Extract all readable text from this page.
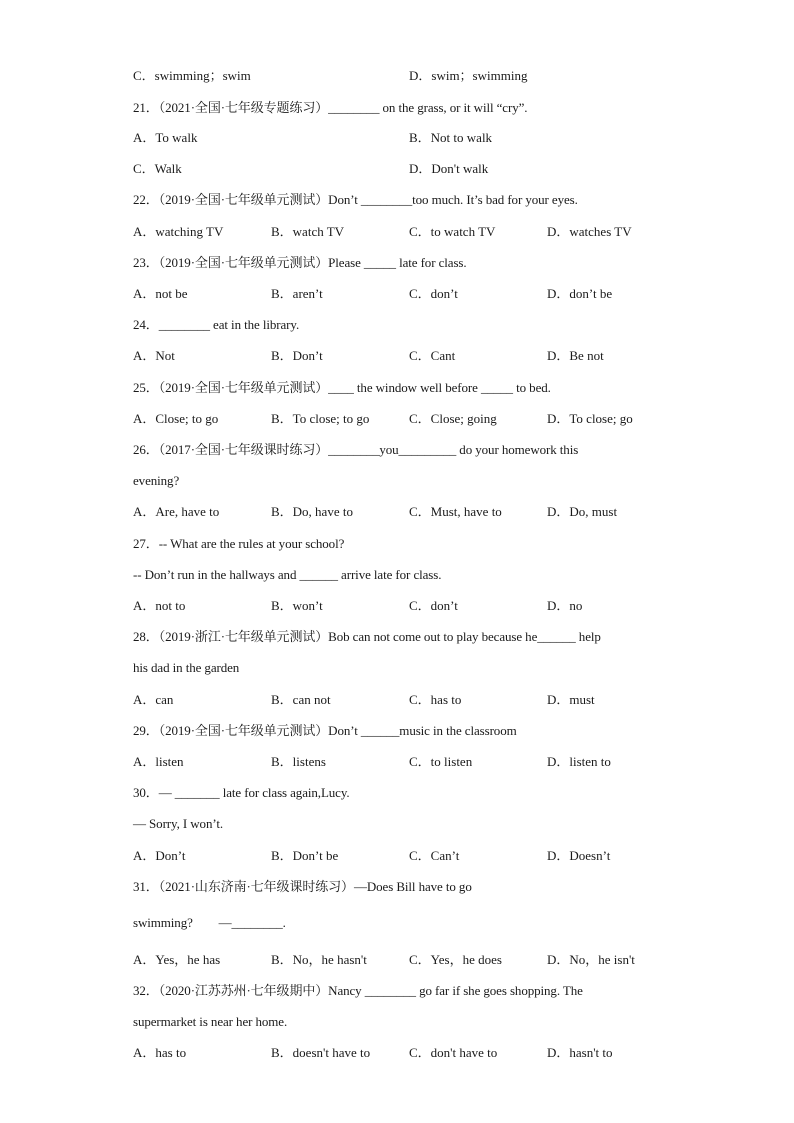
C．swimming；swim	D．swim；swimming
21．（2021·全国·七年级专题练习）________ on the grass, or it will “cry”.
A．To walk	B．Not to walk
C．Walk	D．Don't walk
22．（2019·全国·七年级单元测试）Don’t ________too much. It’s bad for your eyes.
A．watching TV	B．watch TV	C．to watch TV	D．watches TV
23．（2019·全国·七年级单元测试）Please _____ late for class.
A．not be	B．aren’t	C．don’t	D．don’t be
24．________ eat in the library.
A．Not	B．Don’t	C．Cant	D．Be not
25．（2019·全国·七年级单元测试）____ the window well before _____ to bed.
A．Close; to go	B．To close; to go	C．Close; going	D．To close; go
26．（2017·全国·七年级课时练习）________you_________ do your homework this
evening?
A．Are, have to	B．Do, have to	C．Must, have to	D．Do, must
27．-- What are the rules at your school?
-- Don’t run in the hallways and ______ arrive late for class.
A．not to	B．won’t	C．don’t	D．no
28．（2019·浙江·七年级单元测试）Bob can not come out to play because he______ help
his dad in the garden
A．can	B．can not	C．has to	D．must
29．（2019·全国·七年级单元测试）Don’t ______music in the classroom
A．listen	B．listens	C．to listen	D．listen to
30．— _______ late for class again,Lucy.
— Sorry, I won’t.
A．Don’t	B．Don’t be	C．Can’t	D．Doesn’t
31．（2021·山东济南·七年级课时练习）—Does Bill have to go
swimming?　　—________.
A．Yes，he has	B．No，he hasn't	C．Yes，he does	D．No，he isn't
32．（2020·江苏苏州·七年级期中）Nancy ________ go far if she goes shopping. The
supermarket is near her home.
A．has to	B．doesn't have to	C．don't have to	D．hasn't to
